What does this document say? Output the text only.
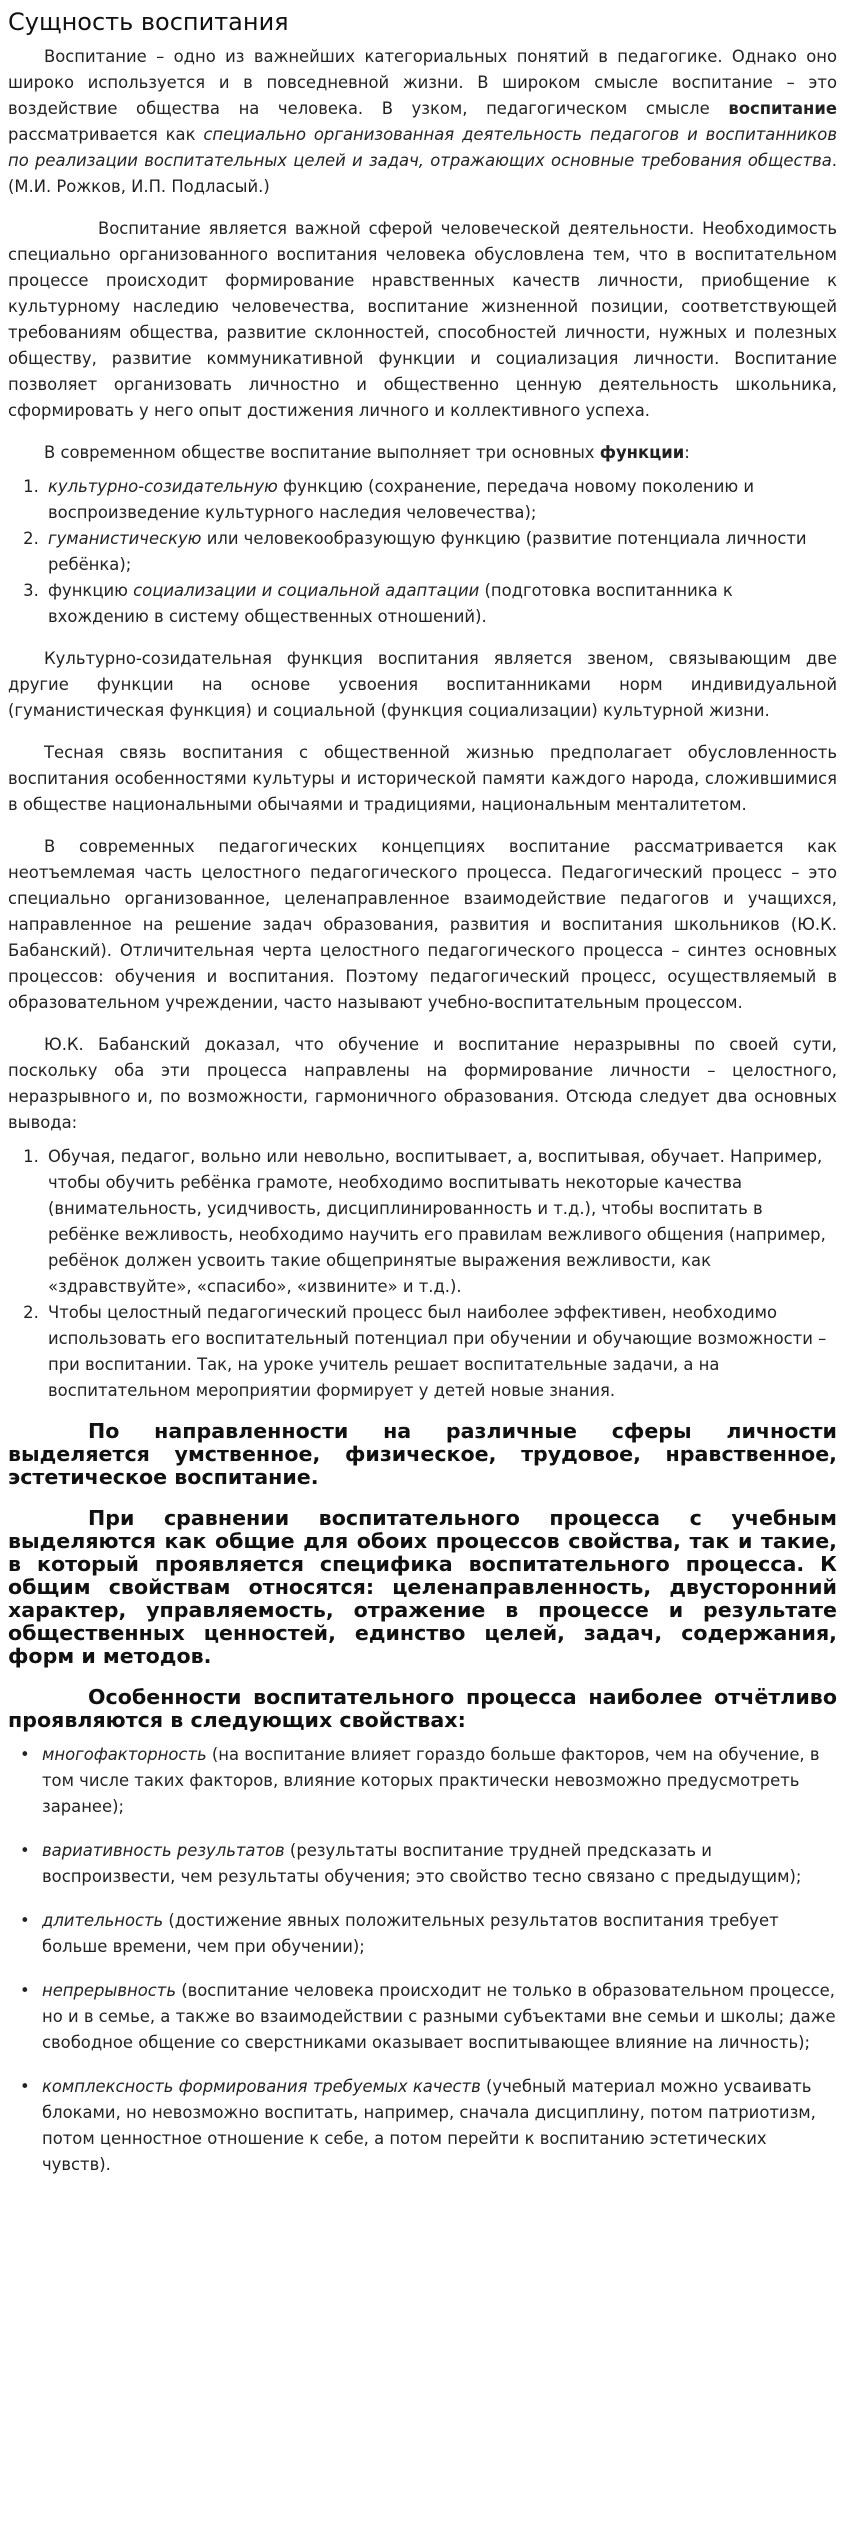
Сущность воспитания

Воспитание – одно из важнейших категориальных понятий в педагогике. Однако оно широко используется и в повседневной жизни. В широком смысле воспитание – это воздействие общества на человека. В узком, педагогическом смысле воспитание рассматривается как специально организованная деятельность педагогов и воспитанников по реализации воспитательных целей и задач, отражающих основные требования общества. (М.И. Рожков, И.П. Подласый.)

Воспитание является важной сферой человеческой деятельности. Необходимость специально организованного воспитания человека обусловлена тем, что в воспитательном процессе происходит формирование нравственных качеств личности, приобщение к культурному наследию человечества, воспитание жизненной позиции, соответствующей требованиям общества, развитие склонностей, способностей личности, нужных и полезных обществу, развитие коммуникативной функции и социализация личности. Воспитание позволяет организовать личностно и общественно ценную деятельность школьника, сформировать у него опыт достижения личного и коллективного успеха.

В современном обществе воспитание выполняет три основных функции:

1. культурно-созидательную функцию (сохранение, передача новому поколению и воспроизведение культурного наследия человечества);
2. гуманистическую или человекообразующую функцию (развитие потенциала личности ребёнка);
3. функцию социализации и социальной адаптации (подготовка воспитанника к вхождению в систему общественных отношений).

Культурно-созидательная функция воспитания является звеном, связывающим две другие функции на основе усвоения воспитанниками норм индивидуальной (гуманистическая функция) и социальной (функция социализации) культурной жизни.

Тесная связь воспитания с общественной жизнью предполагает обусловленность воспитания особенностями культуры и исторической памяти каждого народа, сложившимися в обществе национальными обычаями и традициями, национальным менталитетом.

В современных педагогических концепциях воспитание рассматривается как неотъемлемая часть целостного педагогического процесса. Педагогический процесс – это специально организованное, целенаправленное взаимодействие педагогов и учащихся, направленное на решение задач образования, развития и воспитания школьников (Ю.К. Бабанский). Отличительная черта целостного педагогического процесса – синтез основных процессов: обучения и воспитания. Поэтому педагогический процесс, осуществляемый в образовательном учреждении, часто называют учебно-воспитательным процессом.

Ю.К. Бабанский доказал, что обучение и воспитание неразрывны по своей сути, поскольку оба эти процесса направлены на формирование личности – целостного, неразрывного и, по возможности, гармоничного образования. Отсюда следует два основных вывода:

1. Обучая, педагог, вольно или невольно, воспитывает, а, воспитывая, обучает. Например, чтобы обучить ребёнка грамоте, необходимо воспитывать некоторые качества (внимательность, усидчивость, дисциплинированность и т.д.), чтобы воспитать в ребёнке вежливость, необходимо научить его правилам вежливого общения (например, ребёнок должен усвоить такие общепринятые выражения вежливости, как «здравствуйте», «спасибо», «извините» и т.д.).
2. Чтобы целостный педагогический процесс был наиболее эффективен, необходимо использовать его воспитательный потенциал при обучении и обучающие возможности – при воспитании. Так, на уроке учитель решает воспитательные задачи, а на воспитательном мероприятии формирует у детей новые знания.

По направленности на различные сферы личности выделяется умственное, физическое, трудовое, нравственное, эстетическое воспитание.

При сравнении воспитательного процесса с учебным выделяются как общие для обоих процессов свойства, так и такие, в который проявляется специфика воспитательного процесса. К общим свойствам относятся: целенаправленность, двусторонний характер, управляемость, отражение в процессе и результате общественных ценностей, единство целей, задач, содержания, форм и методов.

Особенности воспитательного процесса наиболее отчётливо проявляются в следующих свойствах:

• многофакторность (на воспитание влияет гораздо больше факторов, чем на обучение, в том числе таких факторов, влияние которых практически невозможно предусмотреть заранее);
• вариативность результатов (результаты воспитание трудней предсказать и воспроизвести, чем результаты обучения; это свойство тесно связано с предыдущим);
• длительность (достижение явных положительных результатов воспитания требует больше времени, чем при обучении);
• непрерывность (воспитание человека происходит не только в образовательном процессе, но и в семье, а также во взаимодействии с разными субъектами вне семьи и школы; даже свободное общение со сверстниками оказывает воспитывающее влияние на личность);
• комплексность формирования требуемых качеств (учебный материал можно усваивать блоками, но невозможно воспитать, например, сначала дисциплину, потом патриотизм, потом ценностное отношение к себе, а потом перейти к воспитанию эстетических чувств).
